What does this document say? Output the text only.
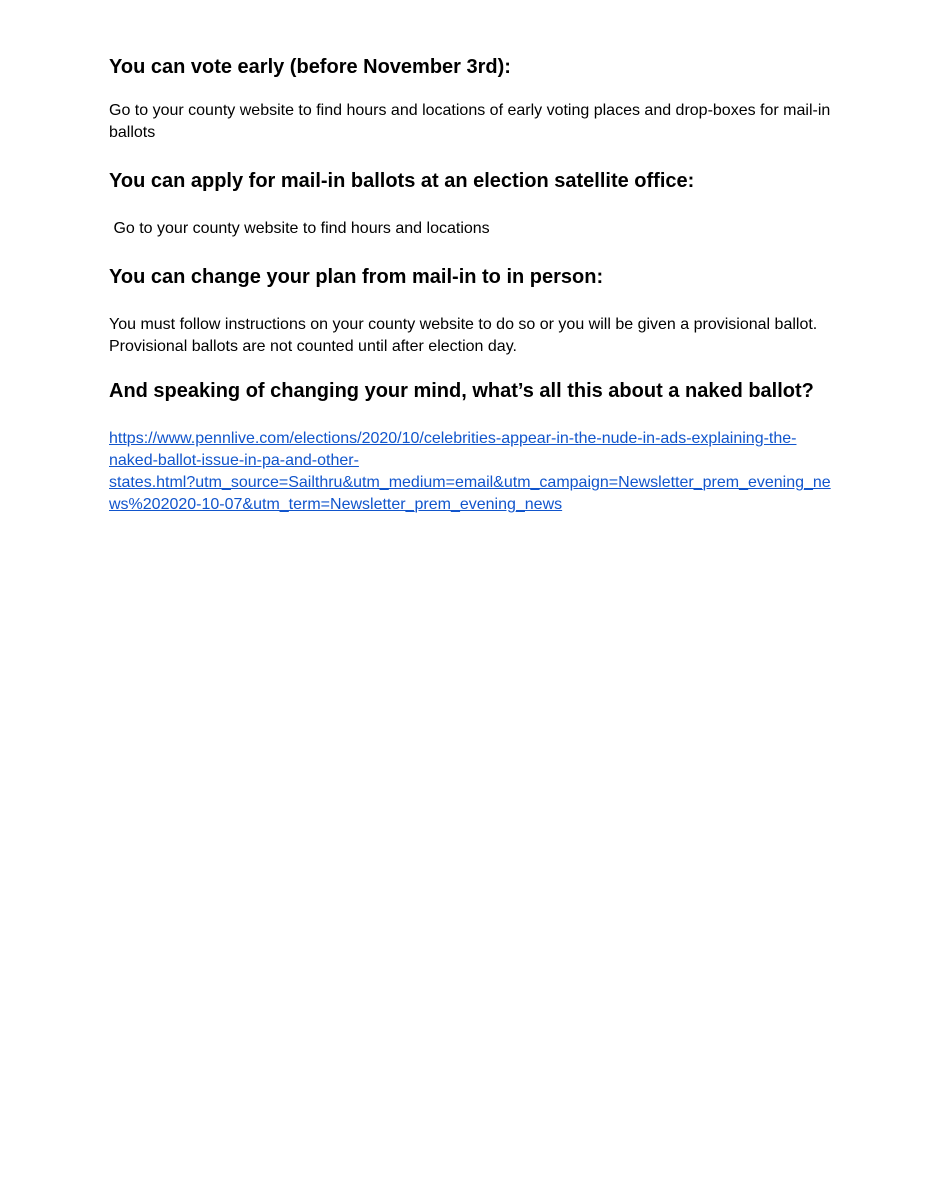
You can vote early (before November 3rd):

Go to your county website to find hours and locations of early voting places and drop-boxes for mail-in ballots

You can apply for mail-in ballots at an election satellite office:

Go to your county website to find hours and locations

You can change your plan from mail-in to in person:

You must follow instructions on your county website to do so or you will be given a provisional ballot.

Provisional ballots are not counted until after election day.

And speaking of changing your mind, what’s all this about a naked ballot?
https://www.pennlive.com/elections/2020/10/celebrities-appear-in-the-nude-in-ads-explaining-the-
naked-ballot-issue-in-pa-and-other-
states.html?utm_source=Sailthru&utm_medium=email&utm_campaign=Newsletter_prem_evening_ne
ws%202020-10-07&utm_term=Newsletter_prem_evening_news
